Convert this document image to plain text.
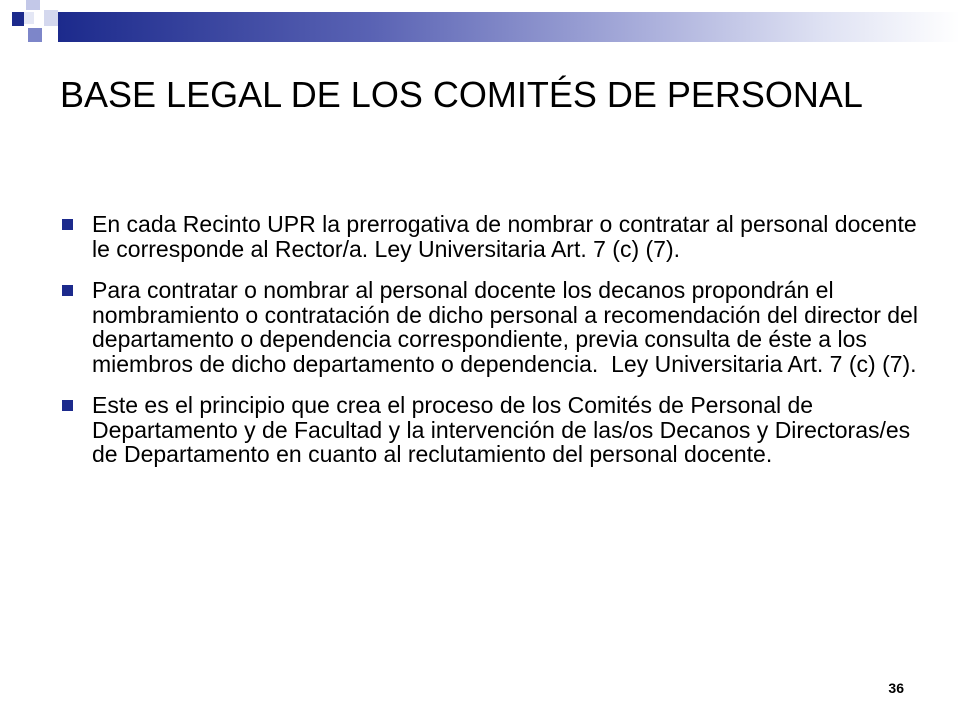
BASE LEGAL DE LOS COMITÉS DE PERSONAL
En cada Recinto UPR la prerrogativa de nombrar o contratar al personal docente le corresponde al Rector/a. Ley Universitaria Art. 7 (c) (7).
Para contratar o nombrar al personal docente los decanos propondrán el nombramiento o contratación de dicho personal a recomendación del director del departamento o dependencia correspondiente, previa consulta de éste a los miembros de dicho departamento o dependencia.  Ley Universitaria Art. 7 (c) (7).
Este es el principio que crea el proceso de los Comités de Personal de Departamento y de Facultad y la intervención de las/os Decanos y Directoras/es de Departamento en cuanto al reclutamiento del personal docente.
36
